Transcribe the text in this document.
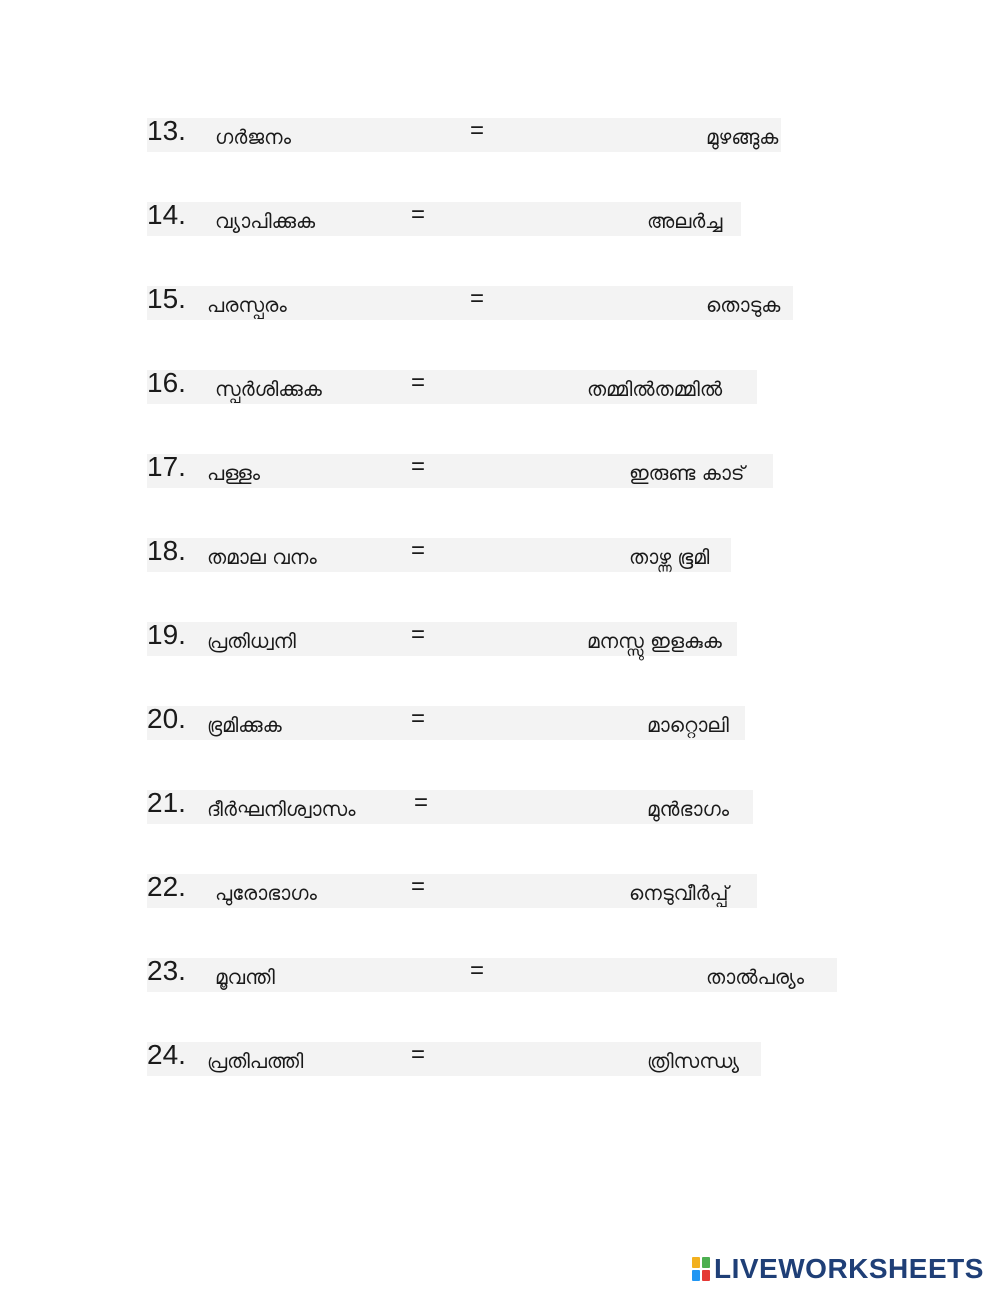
13. ഗർജനം	=	മുഴങ്ങുക
14. വ്യാപിക്കുക	=	അലർച്ച
15. പരസ്പരം	=	തൊടുക
16. സ്പർശിക്കുക	=	തമ്മിൽതമ്മിൽ
17. പള്ളം	=	ഇരുണ്ട കാട്
18. തമാല വനം	=	താഴ്ന്ന ഭൂമി
19. പ്രതിധ്വനി	=	മനസ്സു ഇളകുക
20. ഭ്രമിക്കുക	=	മാറ്റൊലി
21. ദീർഘനിശ്വാസം =	മുൻഭാഗം
22. പുരോഭാഗം	=	നെടുവീർപ്പ്
23. മൂവന്തി	=	താൽപര്യം
24. പ്രതിപത്തി	=	ത്രിസന്ധ്യ
LIVEWORKSHEETS
